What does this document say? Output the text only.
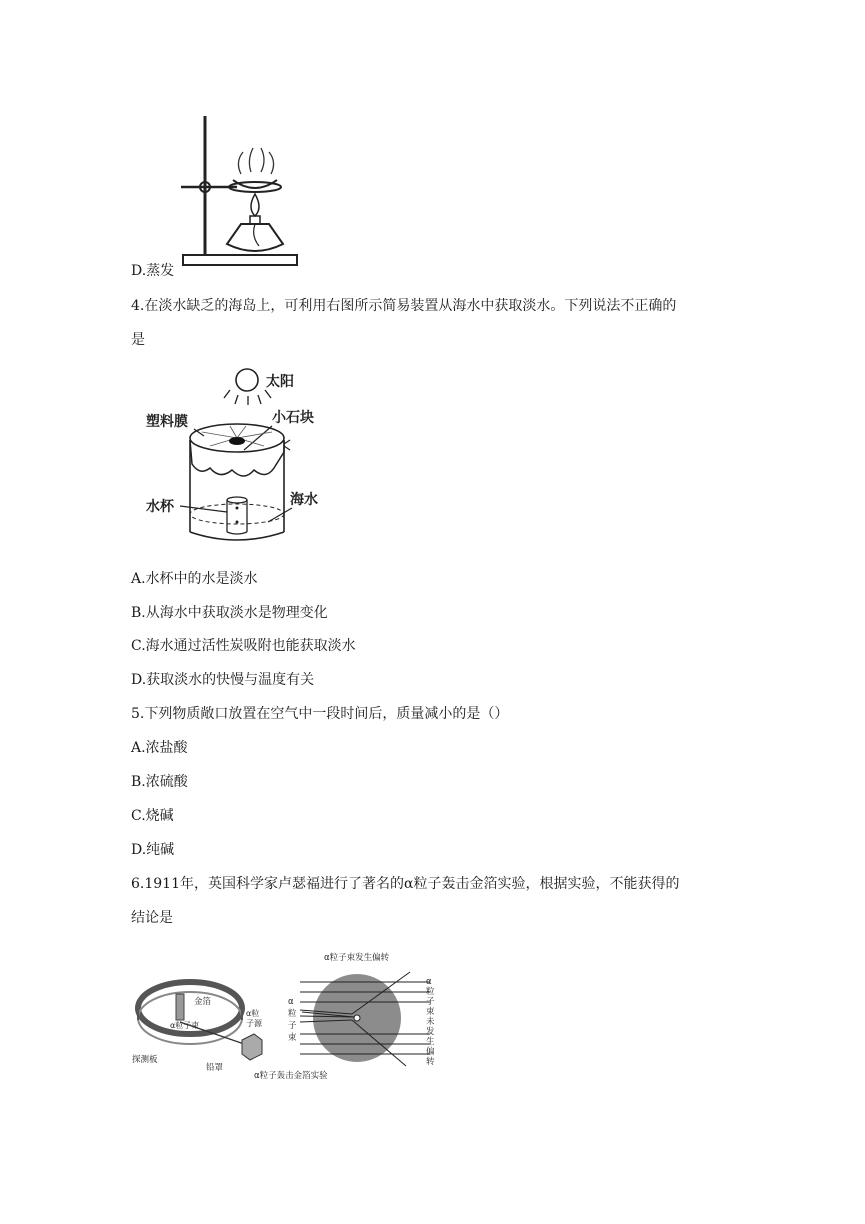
D.蒸发
4.在淡水缺乏的海岛上，可利用右图所示简易装置从海水中获取淡水。下列说法不正确的
是
太阳
塑料膜	小石块
水杯	海水
A.水杯中的水是淡水
B.从海水中获取淡水是物理变化
C.海水通过活性炭吸附也能获取淡水
D.获取淡水的快慢与温度有关
5.下列物质敞口放置在空气中一段时间后，质量减小的是（）
A.浓盐酸
B.浓硫酸
C.烧碱
D.纯碱
6.1911年，英国科学家卢瑟福进行了著名的α粒子轰击金箔实验，根据实验，不能获得的
结论是
金箔
α粒子束
α粒
子源
探测板
铅罩
α粒子轰击金箔实验
α粒子束发生偏转
α
粒
子
束
α
粒
子
束
未
发
生
偏
转
